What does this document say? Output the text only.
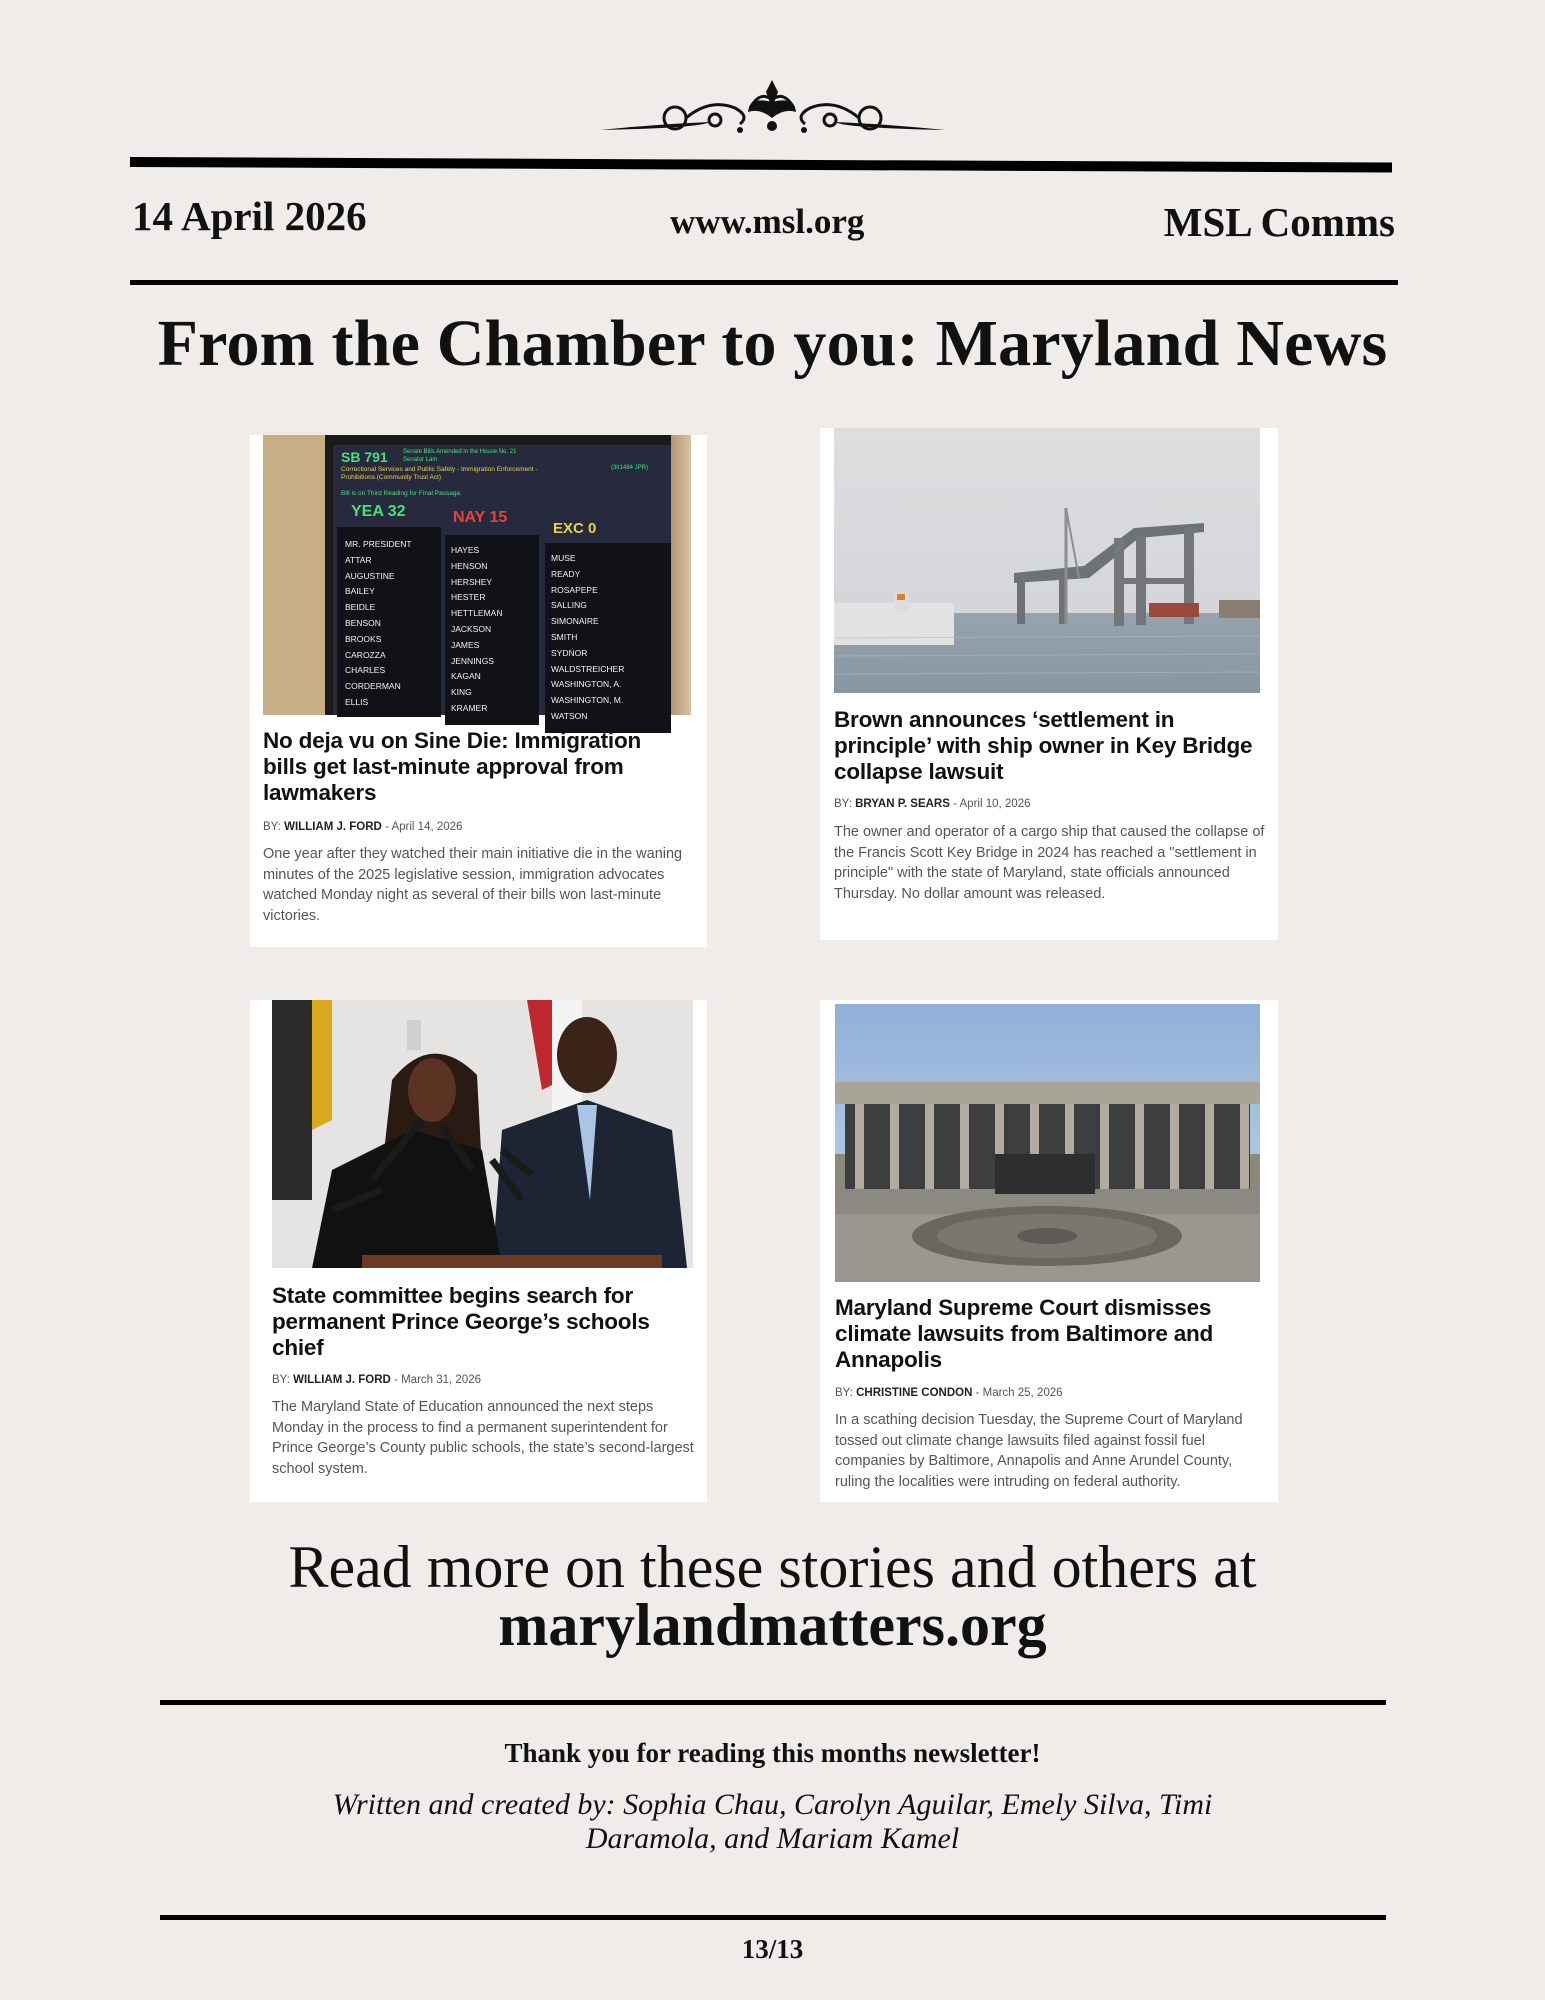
14 April 2026	www.msl.org	MSL Comms
From the Chamber to you: Maryland News
SB 791	Senate Bills Amended in the House No. 21
Senator Lam
Correctional Services and Public Safety - Immigration Enforcement -
Prohibitions (Community Trust Act)
(3lr1484 JPR)
Bill is on Third Reading for Final Passage.
YEA 32	NAY 15
EXC 0
MR. PRESIDENT
ATTAR
AUGUSTINE
BAILEY
BEIDLE
BENSON
BROOKS
CAROZZA
CHARLES
CORDERMAN
ELLIS
HAYES
HENSON
HERSHEY
HESTER
HETTLEMAN
JACKSON
JAMES
JENNINGS
KAGAN
KING
KRAMER
MUSE
READY
ROSAPEPE
SALLING
SIMONAIRE
SMITH
SYDNOR
WALDSTREICHER
WASHINGTON, A.
WASHINGTON, M.
WATSON
No deja vu on Sine Die: Immigration bills get last-minute approval from lawmakers
BY: WILLIAM J. FORD - April 14, 2026
One year after they watched their main initiative die in the waning minutes of the 2025 legislative session, immigration advocates watched Monday night as several of their bills won last-minute victories.
Brown announces ‘settlement in principle’ with ship owner in Key Bridge collapse lawsuit
BY: BRYAN P. SEARS - April 10, 2026
The owner and operator of a cargo ship that caused the collapse of the Francis Scott Key Bridge in 2024 has reached a "settlement in principle" with the state of Maryland, state officials announced Thursday. No dollar amount was released.
State committee begins search for permanent Prince George’s schools chief
BY: WILLIAM J. FORD - March 31, 2026
The Maryland State of Education announced the next steps Monday in the process to find a permanent superintendent for Prince George’s County public schools, the state’s second-largest school system.
Maryland Supreme Court dismisses climate lawsuits from Baltimore and Annapolis
BY: CHRISTINE CONDON - March 25, 2026
In a scathing decision Tuesday, the Supreme Court of Maryland tossed out climate change lawsuits filed against fossil fuel companies by Baltimore, Annapolis and Anne Arundel County, ruling the localities were intruding on federal authority.
Read more on these stories and others at
marylandmatters.org
Thank you for reading this months newsletter!
Written and created by: Sophia Chau, Carolyn Aguilar, Emely Silva, Timi Daramola, and Mariam Kamel
13/13
